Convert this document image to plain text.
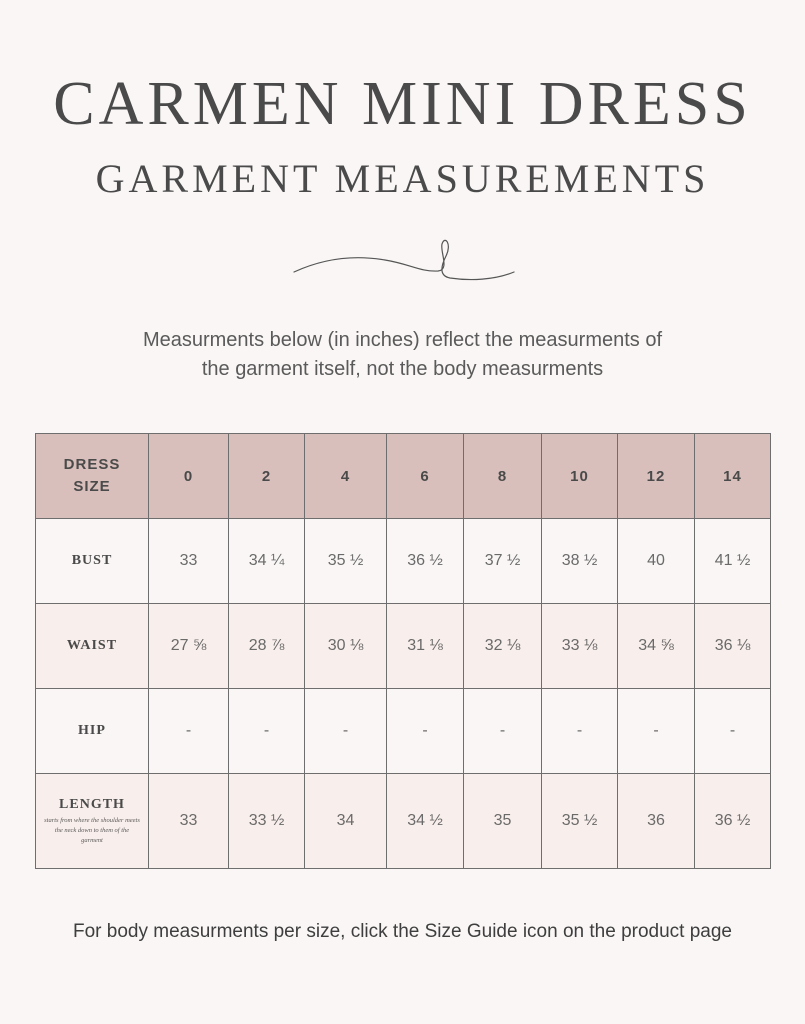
CARMEN MINI DRESS
GARMENT MEASUREMENTS
Measurments below (in inches) reflect the measurments of
the garment itself, not the body measurments
DRESS
SIZE	0	2	4	6	8	10	12	14
BUST	33	34 ¼	35 ½	36 ½	37 ½	38 ½	40	41 ½
WAIST	27 ⅝	28 ⅞	30 ⅛	31 ⅛	32 ⅛	33 ⅛	34 ⅝	36 ⅛
HIP	-	-	-	-	-	-	-	-

LENGTH
starts from where the shoulder meets the neck down to them of the garment	33	33 ½	34	34 ½	35	35 ½	36	36 ½
For body measurments per size, click the Size Guide icon on the product page
